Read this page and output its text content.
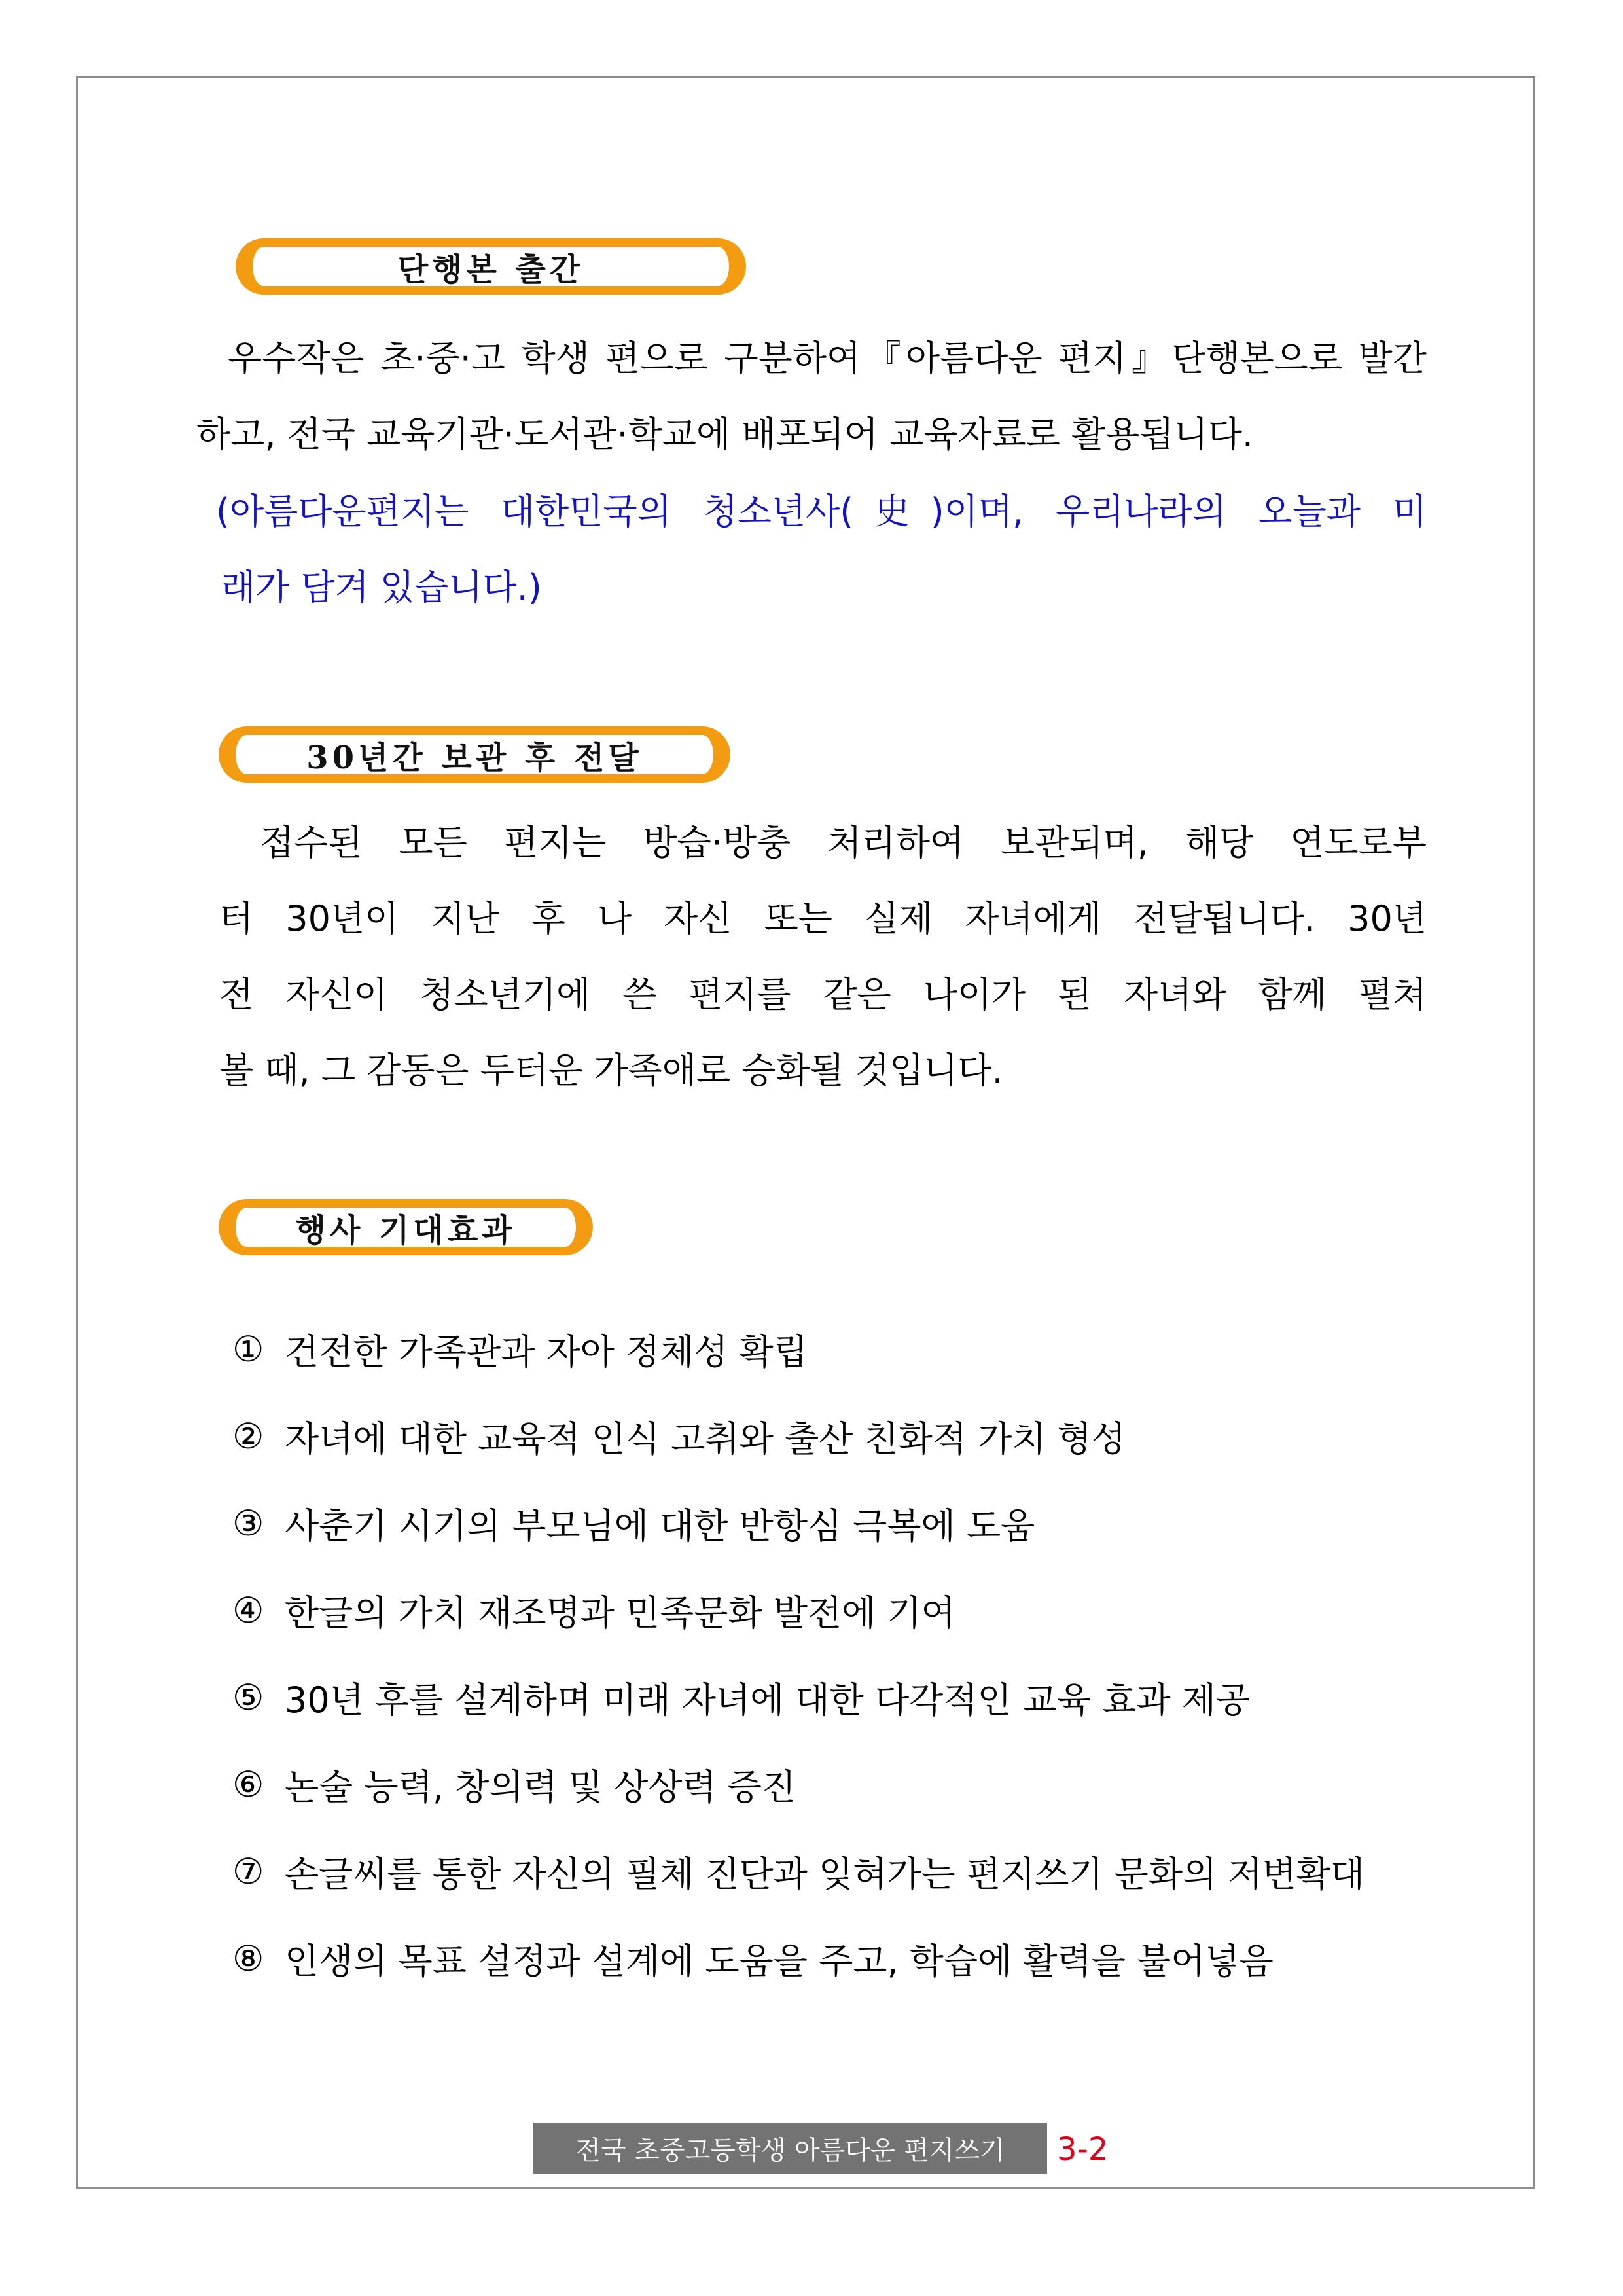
단행본 출간
우수작은 초·중·고 학생 편으로 구분하여『아름다운 편지』단행본으로 발간
하고, 전국 교육기관·도서관·학교에 배포되어 교육자료로 활용됩니다.
(아름다운편지는 대한민국의 청소년사(史)이며, 우리나라의 오늘과 미
래가 담겨 있습니다.)
30년간 보관 후 전달
접수된 모든 편지는 방습·방충 처리하여 보관되며, 해당 연도로부
터 30년이 지난 후 나 자신 또는 실제 자녀에게 전달됩니다. 30년
전 자신이 청소년기에 쓴 편지를 같은 나이가 된 자녀와 함께 펼쳐
볼 때, 그 감동은 두터운 가족애로 승화될 것입니다.
행사 기대효과
① 건전한 가족관과 자아 정체성 확립
② 자녀에 대한 교육적 인식 고취와 출산 친화적 가치 형성
③ 사춘기 시기의 부모님에 대한 반항심 극복에 도움
④ 한글의 가치 재조명과 민족문화 발전에 기여
⑤ 30년 후를 설계하며 미래 자녀에 대한 다각적인 교육 효과 제공
⑥ 논술 능력, 창의력 및 상상력 증진
⑦ 손글씨를 통한 자신의 필체 진단과 잊혀가는 편지쓰기 문화의 저변확대
⑧ 인생의 목표 설정과 설계에 도움을 주고, 학습에 활력을 불어넣음
전국 초중고등학생 아름다운 편지쓰기	3-2
